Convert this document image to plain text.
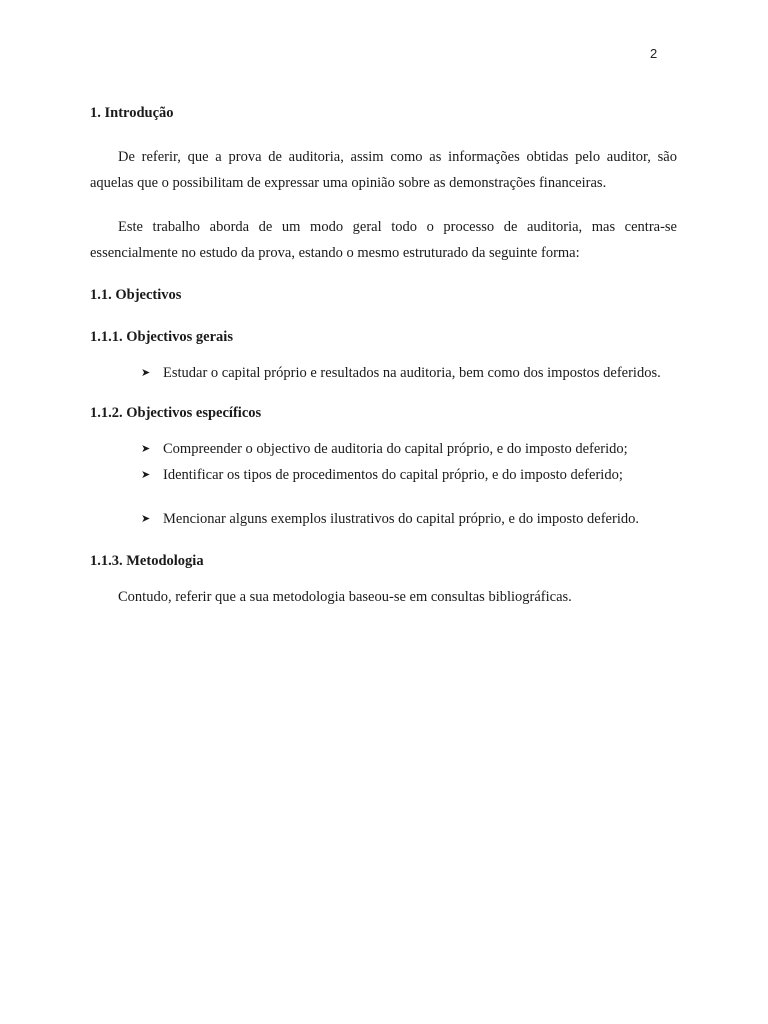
2

1. Introdução

De referir, que a prova de auditoria, assim como as informações obtidas pelo auditor, são aquelas que o possibilitam de expressar uma opinião sobre as demonstrações financeiras.

Este trabalho aborda de um modo geral todo o processo de auditoria, mas centra-se essencialmente no estudo da prova, estando o mesmo estruturado da seguinte forma:

1.1. Objectivos

1.1.1. Objectivos gerais

➤ Estudar o capital próprio e resultados na auditoria, bem como dos impostos deferidos.

1.1.2. Objectivos específicos

➤ Compreender o objectivo de auditoria do capital próprio, e do imposto deferido;
➤ Identificar os tipos de procedimentos do capital próprio, e do imposto deferido;
➤ Mencionar alguns exemplos ilustrativos do capital próprio, e do imposto deferido.

1.1.3. Metodologia

Contudo, referir que a sua metodologia baseou-se em consultas bibliográficas.
